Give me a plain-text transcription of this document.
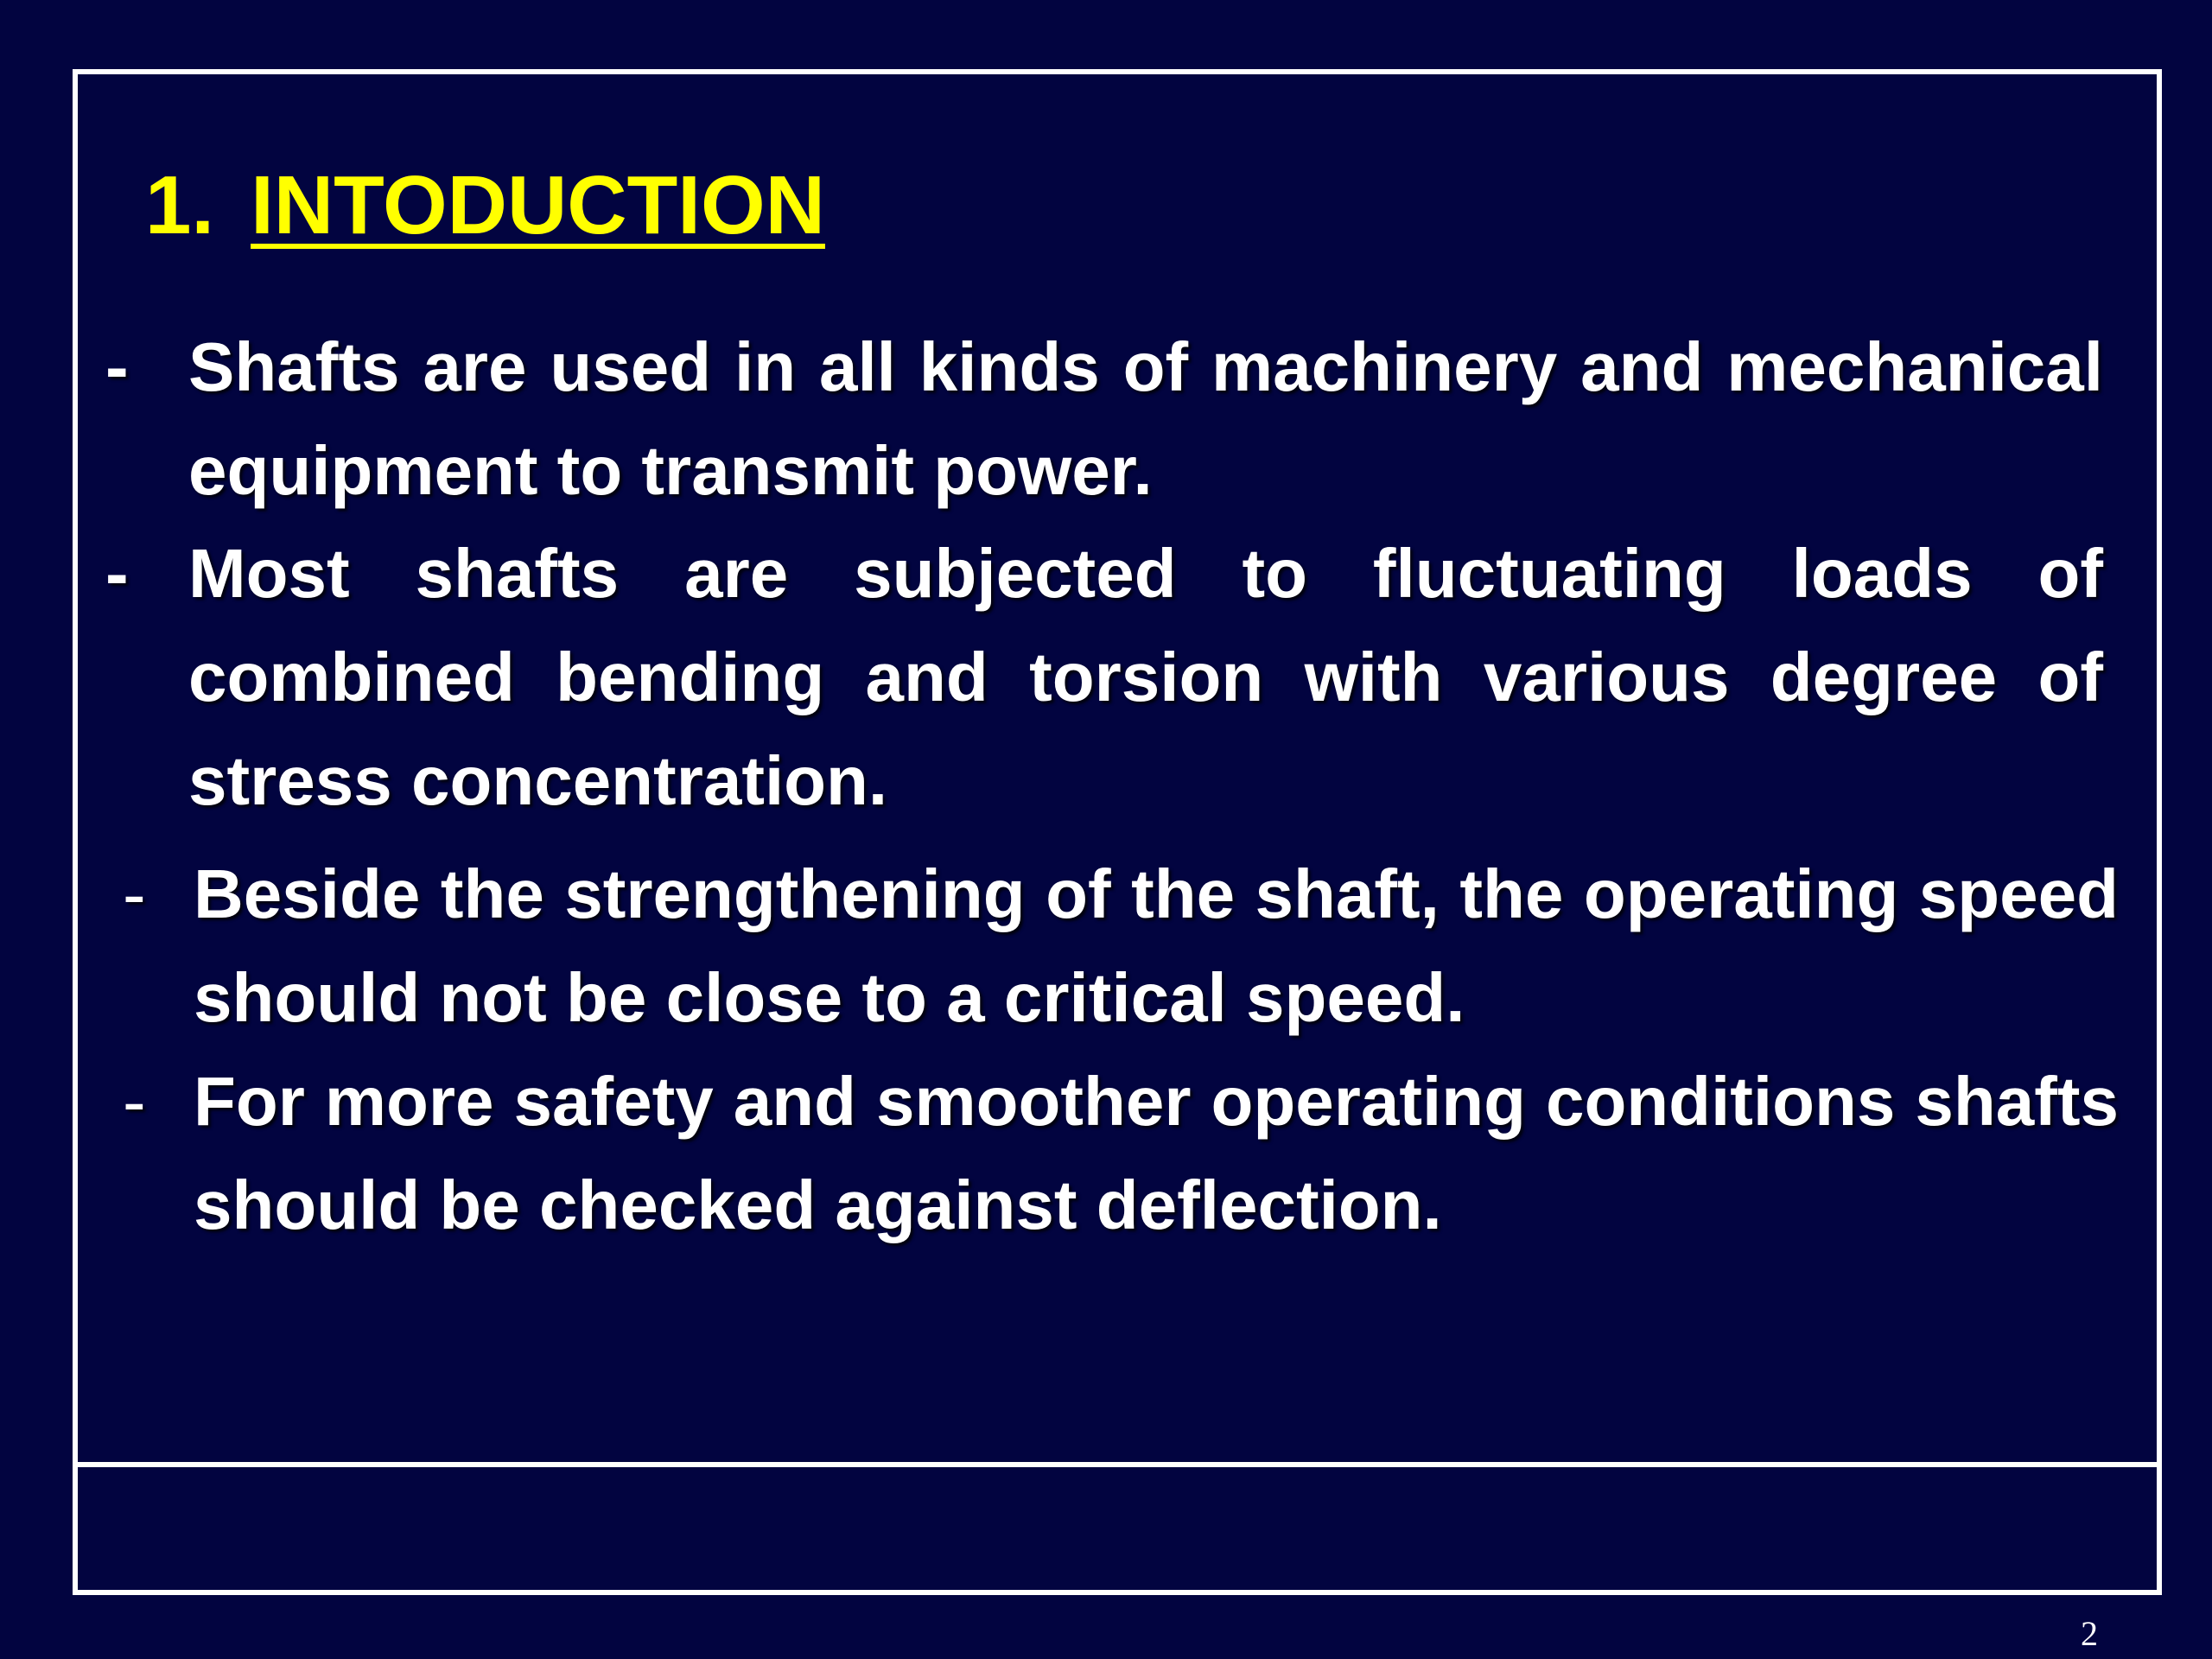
1. INTODUCTION
- Shafts are used in all kinds of machinery and mechanical equipment to transmit power.
- Most shafts are subjected to fluctuating loads of combined bending and torsion with various degree of stress concentration.
- Beside the strengthening of the shaft, the operating speed should not be close to a critical speed.
- For more safety and smoother operating conditions shafts should be checked against deflection.
2
